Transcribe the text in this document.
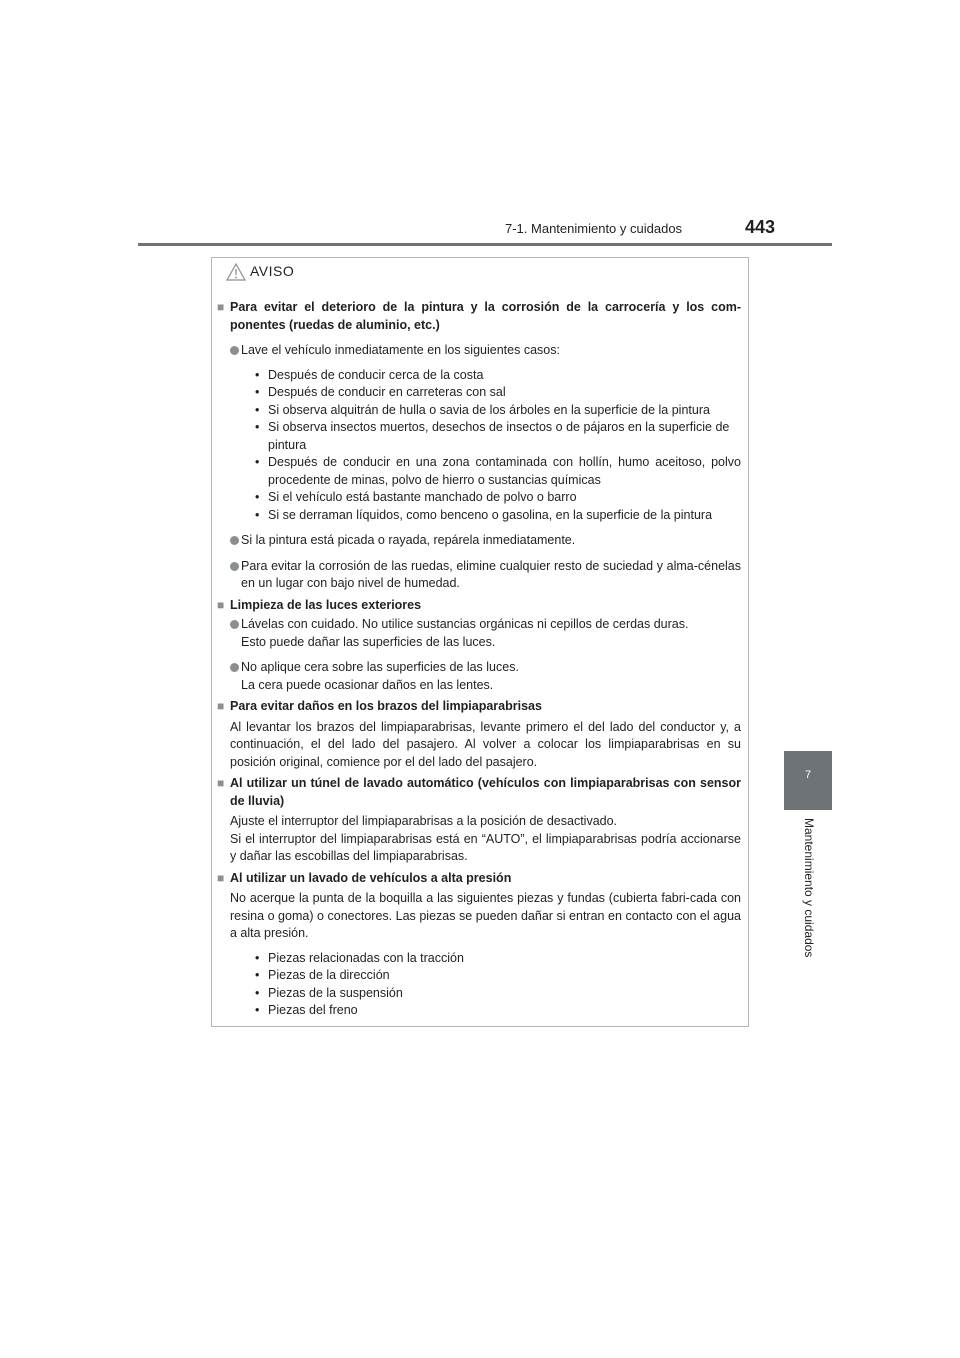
7-1. Mantenimiento y cuidados	443
7
Mantenimiento y cuidados
AVISO
■ Para evitar el deterioro de la pintura y la corrosión de la carrocería y los com-ponentes (ruedas de aluminio, etc.)
Lave el vehículo inmediatamente en los siguientes casos:
• Después de conducir cerca de la costa
• Después de conducir en carreteras con sal
• Si observa alquitrán de hulla o savia de los árboles en la superficie de la pintura
• Si observa insectos muertos, desechos de insectos o de pájaros en la superficie de pintura
• Después de conducir en una zona contaminada con hollín, humo aceitoso, polvo procedente de minas, polvo de hierro o sustancias químicas
• Si el vehículo está bastante manchado de polvo o barro
• Si se derraman líquidos, como benceno o gasolina, en la superficie de la pintura
Si la pintura está picada o rayada, repárela inmediatamente.
Para evitar la corrosión de las ruedas, elimine cualquier resto de suciedad y alma-cénelas en un lugar con bajo nivel de humedad.
■ Limpieza de las luces exteriores
Lávelas con cuidado. No utilice sustancias orgánicas ni cepillos de cerdas duras.
Esto puede dañar las superficies de las luces.
No aplique cera sobre las superficies de las luces.
La cera puede ocasionar daños en las lentes.
■ Para evitar daños en los brazos del limpiaparabrisas
Al levantar los brazos del limpiaparabrisas, levante primero el del lado del conductor y, a continuación, el del lado del pasajero. Al volver a colocar los limpiaparabrisas en su posición original, comience por el del lado del pasajero.
■ Al utilizar un túnel de lavado automático (vehículos con limpiaparabrisas con sensor de lluvia)
Ajuste el interruptor del limpiaparabrisas a la posición de desactivado.
Si el interruptor del limpiaparabrisas está en “AUTO”, el limpiaparabrisas podría accionarse y dañar las escobillas del limpiaparabrisas.
■ Al utilizar un lavado de vehículos a alta presión
No acerque la punta de la boquilla a las siguientes piezas y fundas (cubierta fabri-cada con resina o goma) o conectores. Las piezas se pueden dañar si entran en contacto con el agua a alta presión.
• Piezas relacionadas con la tracción
• Piezas de la dirección
• Piezas de la suspensión
• Piezas del freno
